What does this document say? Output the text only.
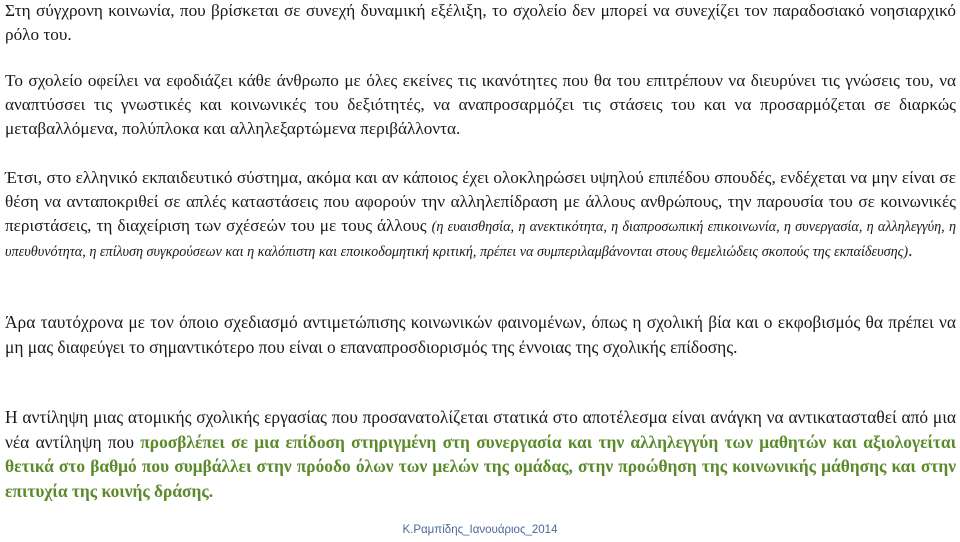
Στη σύγχρονη κοινωνία, που βρίσκεται σε συνεχή δυναμική εξέλιξη, το σχολείο δεν μπορεί να συνεχίζει τον παραδοσιακό νοησιαρχικό ρόλο του.

Το σχολείο οφείλει να εφοδιάζει κάθε άνθρωπο με όλες εκείνες τις ικανότητες που θα του επιτρέπουν να διευρύνει τις γνώσεις του, να αναπτύσσει τις γνωστικές και κοινωνικές του δεξιότητές, να αναπροσαρμόζει τις στάσεις του και να προσαρμόζεται σε διαρκώς μεταβαλλόμενα, πολύπλοκα και αλληλεξαρτώμενα περιβάλλοντα.

Έτσι, στο ελληνικό εκπαιδευτικό σύστημα, ακόμα και αν κάποιος έχει ολοκληρώσει υψηλού επιπέδου σπουδές, ενδέχεται να μην είναι σε θέση να ανταποκριθεί σε απλές καταστάσεις που αφορούν την αλληλεπίδραση με άλλους ανθρώπους, την παρουσία του σε κοινωνικές περιστάσεις, τη διαχείριση των σχέσεών του με τους άλλους (η ευαισθησία, η ανεκτικότητα, η διαπροσωπική επικοινωνία, η συνεργασία, η αλληλεγγύη, η υπευθυνότητα, η επίλυση συγκρούσεων και η καλόπιστη και εποικοδομητική κριτική, πρέπει να συμπεριλαμβάνονται στους θεμελιώδεις σκοπούς της εκπαίδευσης).

Άρα ταυτόχρονα με τον όποιο σχεδιασμό αντιμετώπισης κοινωνικών φαινομένων, όπως η σχολική βία και ο εκφοβισμός θα πρέπει να μη μας διαφεύγει το σημαντικότερο που είναι ο επαναπροσδιορισμός της έννοιας της σχολικής επίδοσης.

Η αντίληψη μιας ατομικής σχολικής εργασίας που προσανατολίζεται στατικά στο αποτέλεσμα είναι ανάγκη να αντικατασταθεί από μια νέα αντίληψη που προσβλέπει σε μια επίδοση στηριγμένη στη συνεργασία και την αλληλεγγύη των μαθητών και αξιολογείται θετικά στο βαθμό που συμβάλλει στην πρόοδο όλων των μελών της ομάδας, στην προώθηση της κοινωνικής μάθησης και στην επιτυχία της κοινής δράσης.

Κ.Ραμπίδης_Ιανουάριος_2014
